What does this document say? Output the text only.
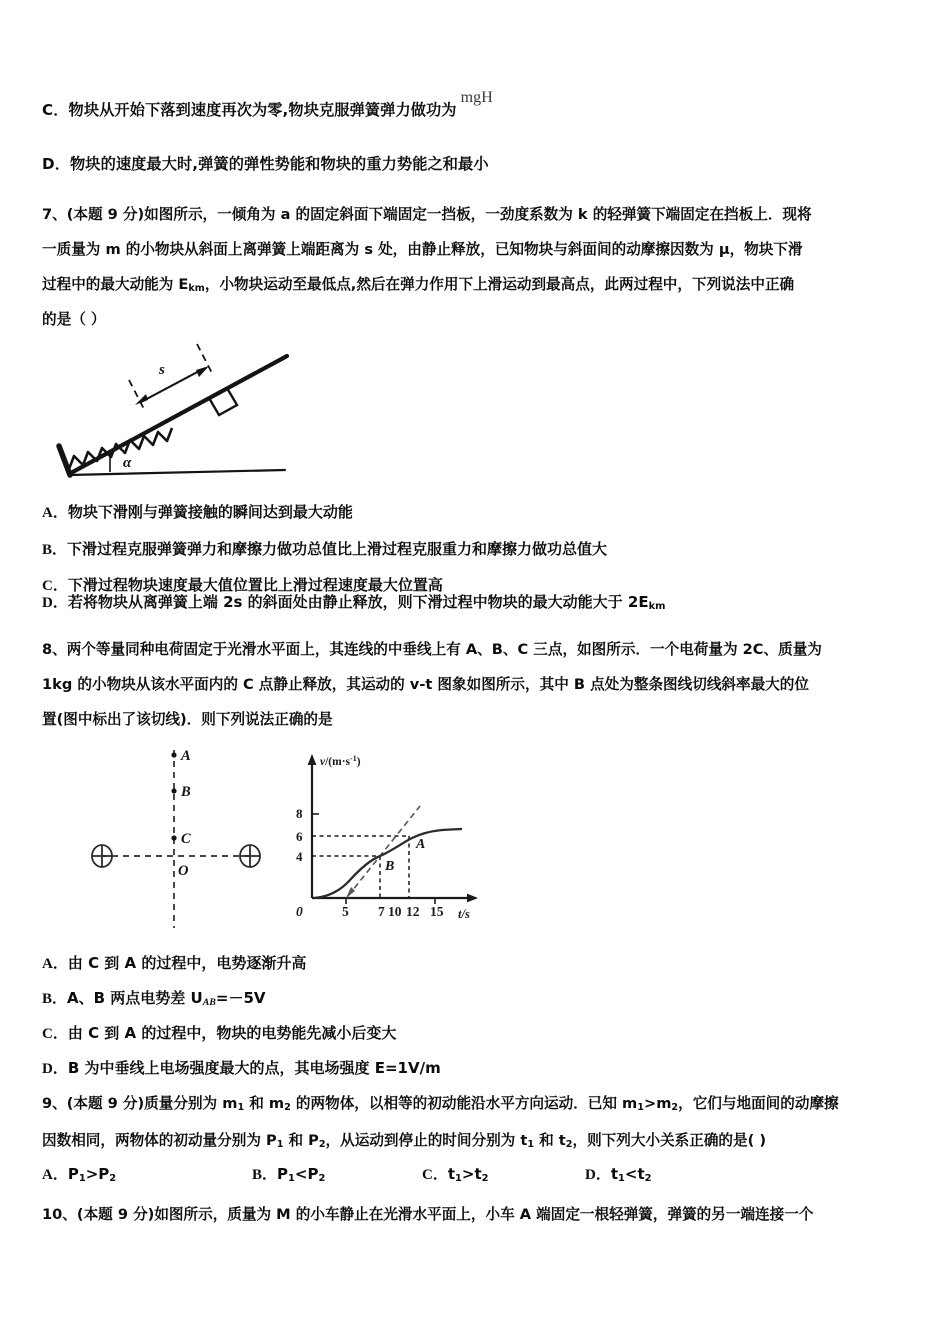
C．物块从开始下落到速度再次为零,物块克服弹簧弹力做功为mgH
D．物块的速度最大时,弹簧的弹性势能和物块的重力势能之和最小
7、(本题 9 分)如图所示，一倾角为 a 的固定斜面下端固定一挡板，一劲度系数为 k 的轻弹簧下端固定在挡板上．现将
一质量为 m 的小物块从斜面上离弹簧上端距离为 s 处，由静止释放，已知物块与斜面间的动摩擦因数为 μ，物块下滑
过程中的最大动能为 $E_{km}$，小物块运动至最低点,然后在弹力作用下上滑运动到最高点，此两过程中，下列说法中正确
的是（ ）
α
s
A．物块下滑刚与弹簧接触的瞬间达到最大动能
B．下滑过程克服弹簧弹力和摩擦力做功总值比上滑过程克服重力和摩擦力做功总值大
C．下滑过程物块速度最大值位置比上滑过程速度最大位置高
D．若将物块从离弹簧上端 2s 的斜面处由静止释放，则下滑过程中物块的最大动能大于 $2E_{km}$
8、两个等量同种电荷固定于光滑水平面上，其连线的中垂线上有 A、B、C 三点，如图所示．一个电荷量为 2C、质量为
1kg 的小物块从该水平面内的 C 点静止释放，其运动的 v-t 图象如图所示，其中 B 点处为整条图线切线斜率最大的位
置(图中标出了该切线)．则下列说法正确的是
A
B
C
O
$v/(m\cdot s^{-1})$
t/s
8
6
4
0	5 7 10 12 15
B
A
A．由 C 到 A 的过程中，电势逐渐升高
B．A、B 两点电势差 $U_{AB}=-5V$
C．由 C 到 A 的过程中，物块的电势能先减小后变大
D．B 为中垂线上电场强度最大的点，其电场强度 E=1V/m
9、(本题 9 分)质量分别为 $m_1$ 和 $m_2$ 的两物体，以相等的初动能沿水平方向运动．已知 $m_1>m_2$，它们与地面间的动摩擦
因数相同，两物体的初动量分别为 $P_1$ 和 $P_2$，从运动到停止的时间分别为 $t_1$ 和 $t_2$，则下列大小关系正确的是( )
A．$P_1>P_2$	B．$P_1<P_2$	C．$t_1>t_2$	D．$t_1<t_2$
10、(本题 9 分)如图所示，质量为 M 的小车静止在光滑水平面上，小车 A 端固定一根轻弹簧，弹簧的另一端连接一个
